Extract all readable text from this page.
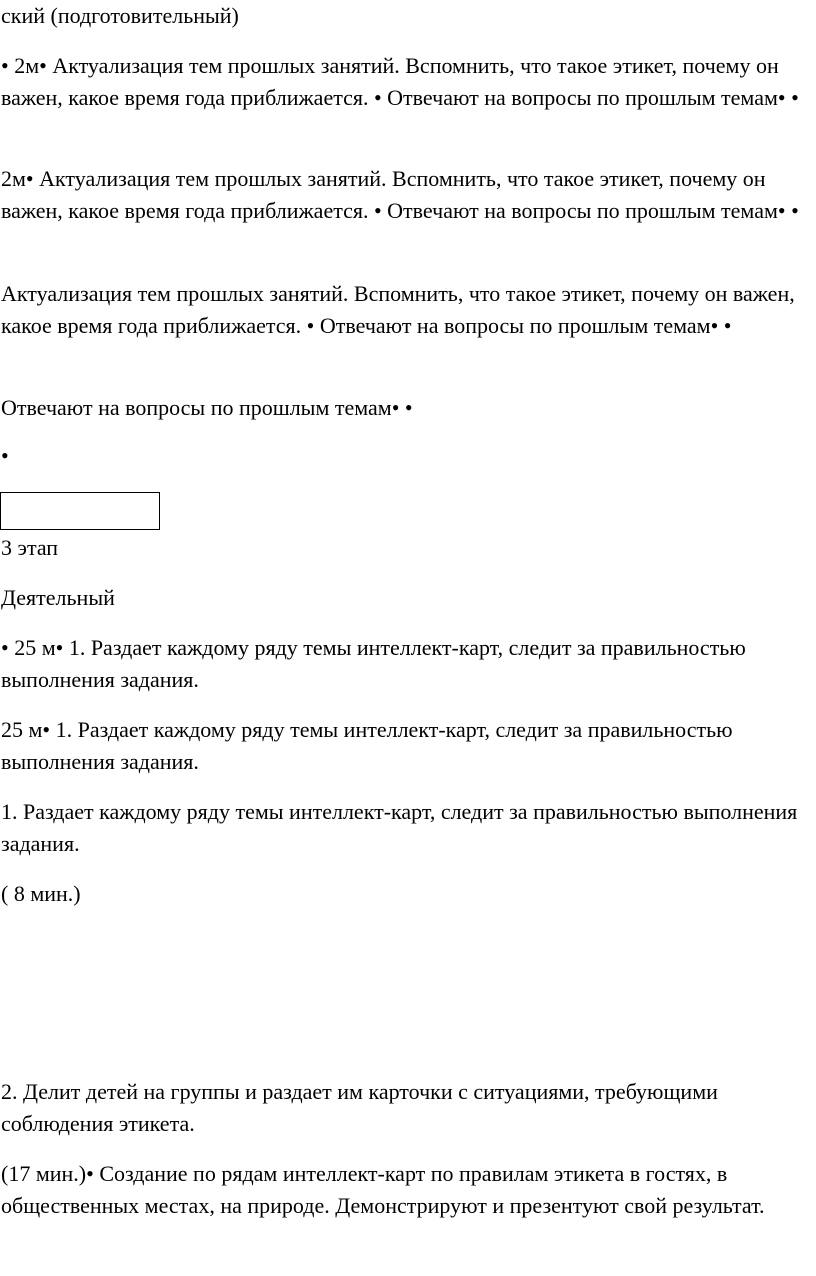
ский (подготовительный)

• 2м• Актуализация тем прошлых занятий. Вспомнить, что такое этикет, почему он важен, какое время года приближается. • Отвечают на вопросы по прошлым темам• •

2м• Актуализация тем прошлых занятий. Вспомнить, что такое этикет, почему он важен, какое время года приближается. • Отвечают на вопросы по прошлым темам• •

Актуализация тем прошлых занятий. Вспомнить, что такое этикет, почему он важен, какое время года приближается. • Отвечают на вопросы по прошлым темам• •

Отвечают на вопросы по прошлым темам• •

•

3 этап

Деятельный

• 25 м• 1. Раздает каждому ряду темы интеллект-карт, следит за правильностью выполнения задания.

25 м• 1. Раздает каждому ряду темы интеллект-карт, следит за правильностью выполнения задания.

1. Раздает каждому ряду темы интеллект-карт, следит за правильностью выполнения задания.

( 8 мин.)

2. Делит детей на группы и раздает им карточки с ситуациями, требующими соблюдения этикета.

(17 мин.)• Создание по рядам интеллект-карт по правилам этикета в гостях, в общественных местах, на природе. Демонстрируют и презентуют свой результат.
